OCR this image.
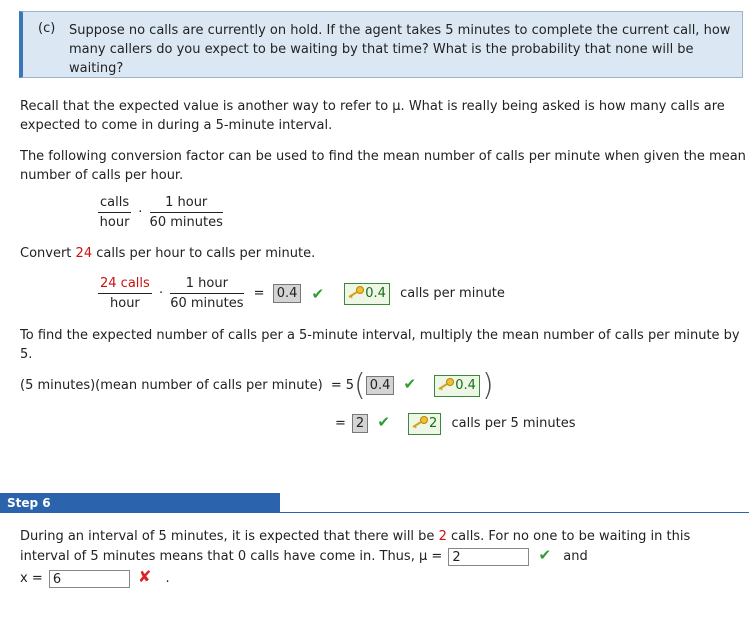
(c) Suppose no calls are currently on hold. If the agent takes 5 minutes to complete the current call, how many callers do you expect to be waiting by that time? What is the probability that none will be waiting?
Recall that the expected value is another way to refer to μ. What is really being asked is how many calls are expected to come in during a 5-minute interval.
The following conversion factor can be used to find the mean number of calls per minute when given the mean number of calls per hour.
$\frac{\text{calls}}{\text{hour}} \cdot \frac{\text{1 hour}}{\text{60 minutes}}$
Convert 24 calls per hour to calls per minute.
$\frac{\text{24 calls}}{\text{hour}} \cdot \frac{\text{1 hour}}{\text{60 minutes}} = 0.4$ ✔	0.4 calls per minute
To find the expected number of calls per a 5-minute interval, multiply the mean number of calls per minute by 5.
(5 minutes)(mean number of calls per minute) = 5( 0.4 ✔	0.4 )
= 2 ✔	2 calls per 5 minutes
Step 6
During an interval of 5 minutes, it is expected that there will be 2 calls. For no one to be waiting in this
interval of 5 minutes means that 0 calls have come in. Thus, μ = 2	✔ and
x = 6	✘ .
